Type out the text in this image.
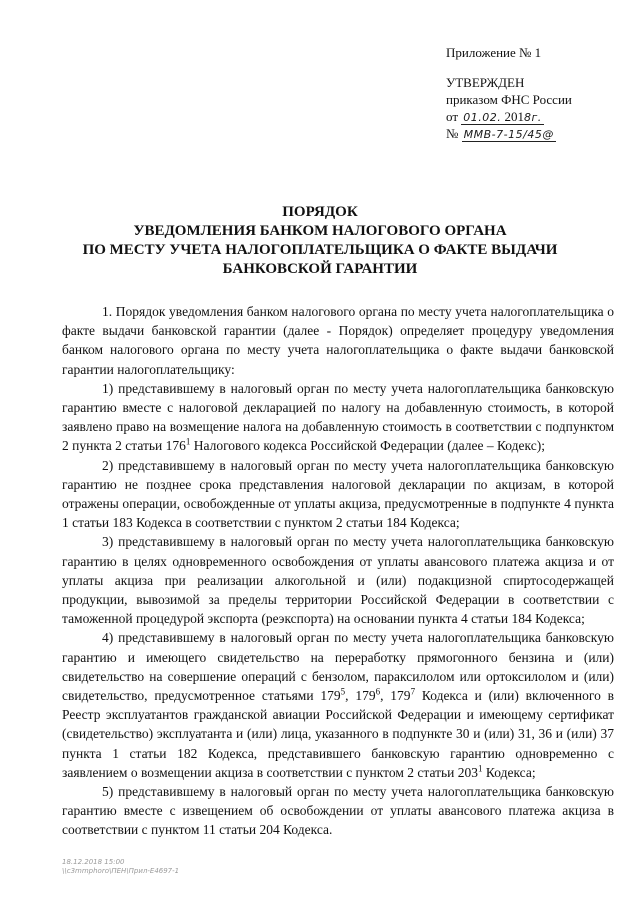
Приложение № 1
УТВЕРЖДЕН
приказом ФНС России
от 01.02. 2018г.
№ ММВ-7-15/45@
ПОРЯДОК
УВЕДОМЛЕНИЯ БАНКОМ НАЛОГОВОГО ОРГАНА
ПО МЕСТУ УЧЕТА НАЛОГОПЛАТЕЛЬЩИКА О ФАКТЕ ВЫДАЧИ
БАНКОВСКОЙ ГАРАНТИИ

1. Порядок уведомления банком налогового органа по месту учета налогоплательщика о факте выдачи банковской гарантии (далее - Порядок) определяет процедуру уведомления банком налогового органа по месту учета налогоплательщика о факте выдачи банковской гарантии налогоплательщику:

1) представившему в налоговый орган по месту учета налогоплательщика банковскую гарантию вместе с налоговой декларацией по налогу на добавленную стоимость, в которой заявлено право на возмещение налога на добавленную стоимость в соответствии с подпунктом 2 пункта 2 статьи $176^1$ Налогового кодекса Российской Федерации (далее – Кодекс);

2) представившему в налоговый орган по месту учета налогоплательщика банковскую гарантию не позднее срока представления налоговой декларации по акцизам, в которой отражены операции, освобожденные от уплаты акциза, предусмотренные в подпункте 4 пункта 1 статьи 183 Кодекса в соответствии с пунктом 2 статьи 184 Кодекса;

3) представившему в налоговый орган по месту учета налогоплательщика банковскую гарантию в целях одновременного освобождения от уплаты авансового платежа акциза и от уплаты акциза при реализации алкогольной и (или) подакцизной спиртосодержащей продукции, вывозимой за пределы территории Российской Федерации в соответствии с таможенной процедурой экспорта (реэкспорта) на основании пункта 4 статьи 184 Кодекса;

4) представившему в налоговый орган по месту учета налогоплательщика банковскую гарантию и имеющего свидетельство на переработку прямогонного бензина и (или) свидетельство на совершение операций с бензолом, параксилолом или ортоксилолом и (или) свидетельство, предусмотренное статьями $179^5$, $179^6$, $179^7$ Кодекса и (или) включенного в Реестр эксплуатантов гражданской авиации Российской Федерации и имеющему сертификат (свидетельство) эксплуатанта и (или) лица, указанного в подпункте 30 и (или) 31, 36 и (или) 37 пункта 1 статьи 182 Кодекса, представившего банковскую гарантию одновременно с заявлением о возмещении акциза в соответствии с пунктом 2 статьи $203^1$ Кодекса;

5) представившему в налоговый орган по месту учета налогоплательщика банковскую гарантию вместе с извещением об освобождении от уплаты авансового платежа акциза в соответствии с пунктом 11 статьи 204 Кодекса.

18.12.2018 15:00
\\c3mmphoro\ПЕН\Прил-E4697-1
